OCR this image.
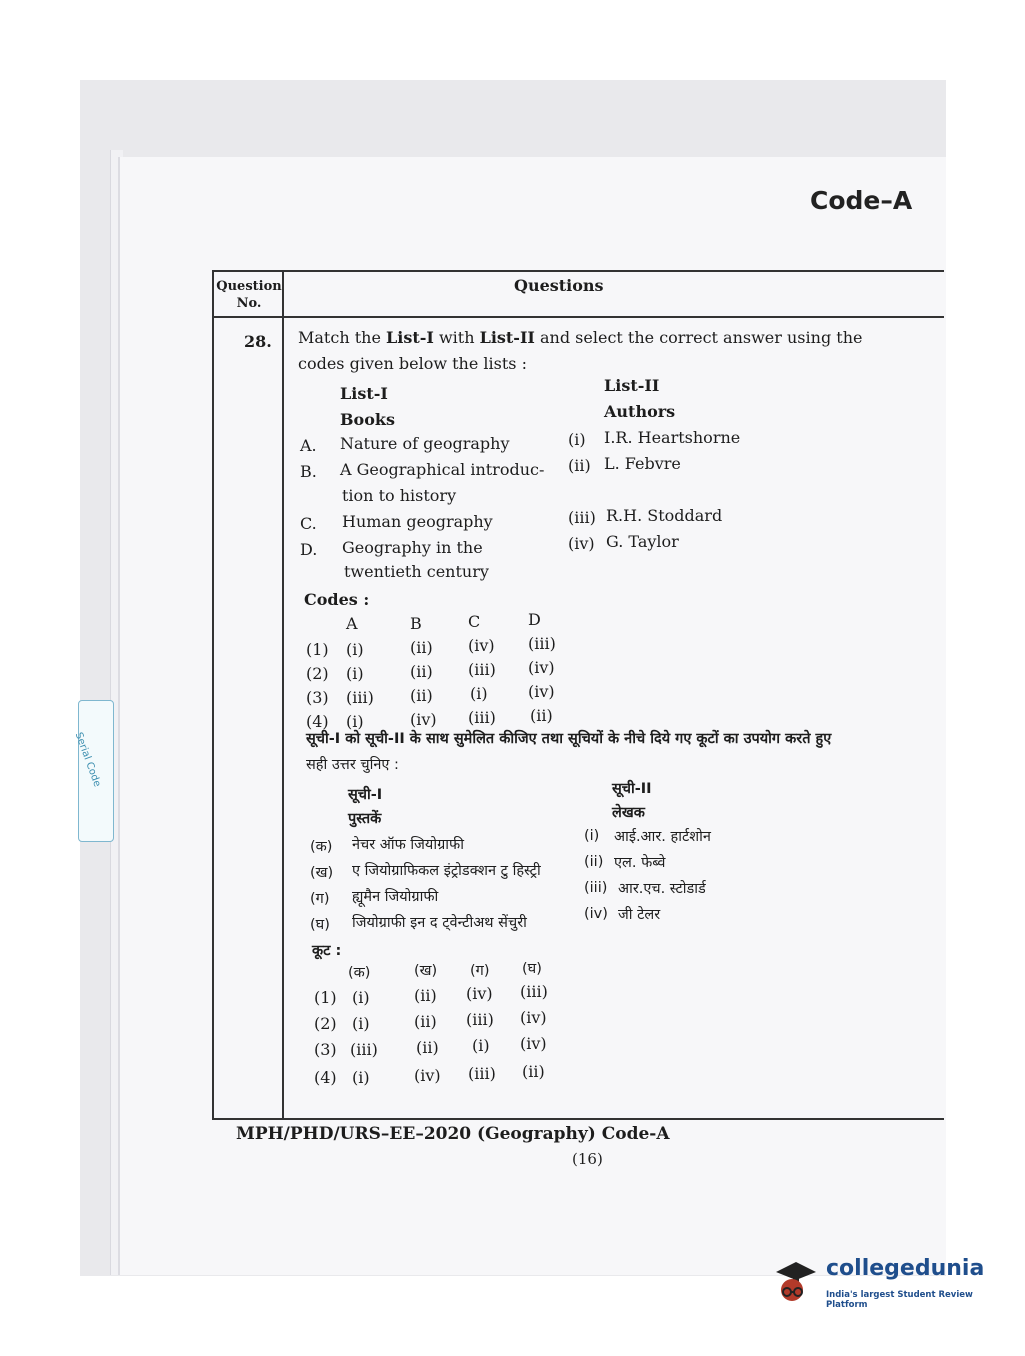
Code–A
Question No.
Questions
28. Match the List-I with List-II and select the correct answer using the
codes given below the lists :
List-I
Books
List-II
Authors
A. Nature of geography
B. A Geographical introduc-
tion to history
C. Human geography
D. Geography in the
twentieth century
(i) I.R. Heartshorne
(ii) L. Febvre
(iii) R.H. Stoddard
(iv) G. Taylor
Codes :
A	B	C	D
(1) (i)	(ii) (iv) (iii)
(2) (i)	(ii) (iii) (iv)
(3) (iii) (ii) (i)	(iv)
(4) (i)	(iv) (iii) (ii)
सूची-I को सूची-II के साथ सुमेलित कीजिए तथा सूचियों के नीचे दिये गए कूटों का उपयोग करते हुए
सही उत्तर चुनिए :
सूची-I
पुस्तकें
सूची-II
लेखक
(क) नेचर ऑफ जियोग्राफी
(i) आई.आर. हार्टशोन
(ख) ए जियोग्राफिकल इंट्रोडक्शन टु हिस्ट्री
(ii) एल. फेब्वे
(ग) ह्यूमैन जियोग्राफी
(iii) आर.एच. स्टोडार्ड
(घ) जियोग्राफी इन द ट्वेन्टीअथ सेंचुरी
(iv) जी टेलर
कूट :
(क)	(ख) (ग) (घ)
(1) (i)	(ii) (iv) (iii)
(2) (i)	(ii) (iii) (iv)
(3) (iii) (ii) (i) (iv)
(4) (i)	(iv) (iii) (ii)
MPH/PHD/URS–EE–2020 (Geography) Code-A
(16)
Serial Code
collegedunia
India's largest Student Review Platform
